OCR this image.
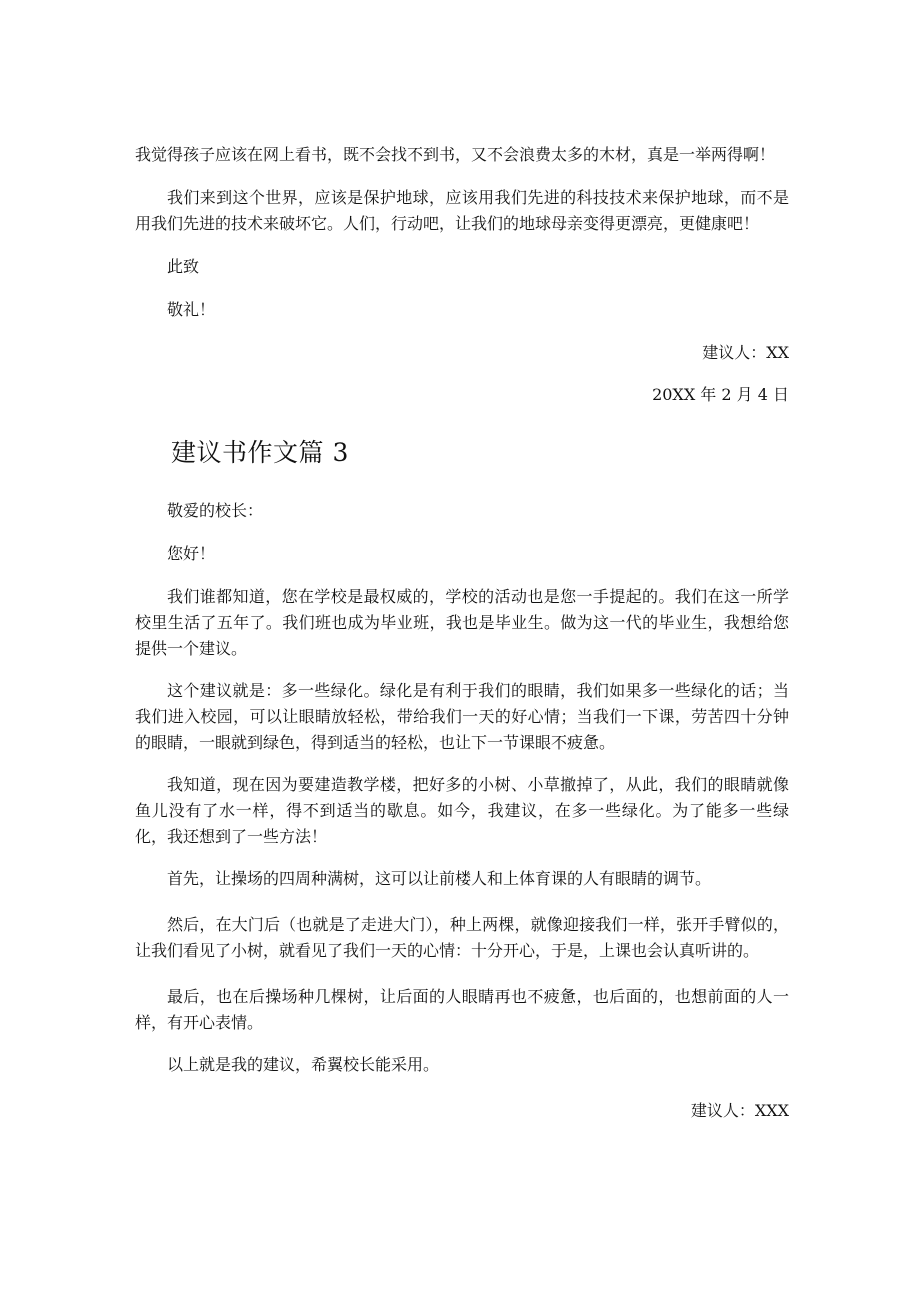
我觉得孩子应该在网上看书，既不会找不到书，又不会浪费太多的木材，真是一举两得啊！

我们来到这个世界，应该是保护地球，应该用我们先进的科技技术来保护地球，而不是用我们先进的技术来破坏它。人们，行动吧，让我们的地球母亲变得更漂亮，更健康吧！

此致

敬礼！

建议人：XX

20XX 年 2 月 4 日

建议书作文篇 3

敬爱的校长：

您好！

我们谁都知道，您在学校是最权威的，学校的活动也是您一手提起的。我们在这一所学校里生活了五年了。我们班也成为毕业班，我也是毕业生。做为这一代的毕业生，我想给您提供一个建议。

这个建议就是：多一些绿化。绿化是有利于我们的眼睛，我们如果多一些绿化的话；当我们进入校园，可以让眼睛放轻松，带给我们一天的好心情；当我们一下课，劳苦四十分钟的眼睛，一眼就到绿色，得到适当的轻松，也让下一节课眼不疲惫。

我知道，现在因为要建造教学楼，把好多的小树、小草撤掉了，从此，我们的眼睛就像鱼儿没有了水一样，得不到适当的歇息。如今，我建议，在多一些绿化。为了能多一些绿化，我还想到了一些方法！

首先，让操场的四周种满树，这可以让前楼人和上体育课的人有眼睛的调节。

然后，在大门后（也就是了走进大门），种上两棵，就像迎接我们一样，张开手臂似的，让我们看见了小树，就看见了我们一天的心情：十分开心，于是，上课也会认真听讲的。

最后，也在后操场种几棵树，让后面的人眼睛再也不疲惫，也后面的，也想前面的人一样，有开心表情。

以上就是我的建议，希翼校长能采用。

建议人：XXX
